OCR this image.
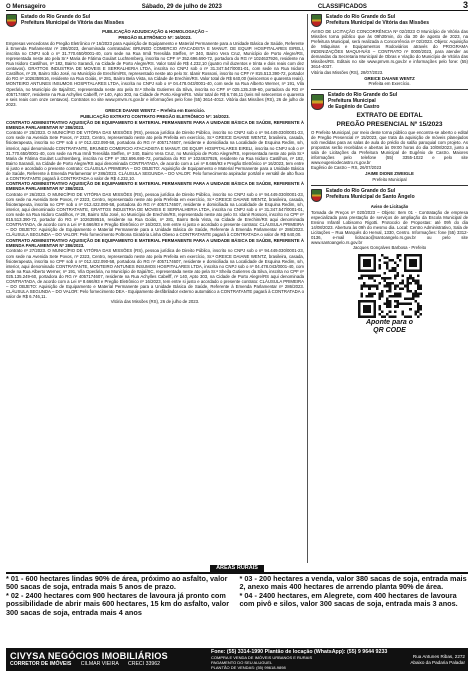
O Mensageiro	Sábado, 29 de julho de 2023	CLASSIFICADOS	3
Estado do Rio Grande do Sul
Prefeitura Municipal de Vitória das Missões
PUBLICAÇÃO ADJUDICAÇÃO & HOMOLOGAÇÃO –
PREGÃO ELETRÔNICO Nº: 16/2023.

Empresas vencedoras do Pregão Eletrônico nº 16/2023 para Aquisição de Equipamento e Material Permanente para a Unidade Básica de Saúde, Referente à Emenda Parlamentar nº 286/2023, denominada contratadas: BRUNED COMERCIO ATACADISTA E MANUT. DE EQUIP. HOSPITALARES EIRELI, inscrita no CNPJ sob o nº 31.770.650/0001-40, com sede na Rua Irmã Teresilda Steffen, nº 340, Bairro Vera Cruz, Município de Porto Alegre/RS, representada neste ato pela Sr.ª Maria de Fátima Goulart Luchtemberg, inscrita no CPF nº 352.696.690-72, portadora do RG nº 1024637926, residente na Rua Isidoro Castilhos, nº 182, Bairro Sarandi, na Cidade de Porto Alegre/RS. Valor total de R$ 4.232,10 (quatro mil duzentos e trinta e dois reais com dez centavos). GRATTOS INDUSTRIA DE MOVEIS E SERRALHERIA LTDA, inscrita no CNPJ sob o nº 31.347.547/0001-01, com sede na Rua Isidoro Castilhos, nº 29, Bairro São José, no Município de Erechim/RS, representado neste ato pelo Sr. Idanir Rossoni, inscrito no CPF nº 815.513.390-72, portador do RG nº 1026359516, residente na Rua Goiás, nº 281, Bairro Bela Vista, na Cidade de Erechim/RS. Valor total de R$ 640,00 (seiscentos e quarenta reais). MONTEIRO ANTUNES INSUMOS HOSPITALARES LTDA, inscrita no CNPJ sob o nº 04.478.043/0001-40, com sede na Rua Alberto Werner, nº 191, Vila Operária, no Município de Itajaí/SC, representada neste ato pela Sr.ª Sheila Gutierres da Silva, inscrita no CPF nº 025.135.249-60, portadora do RG nº 4057174607, residente na Rua Achylles Cabelff, nº 140, Apto 303, na Cidade de Porto Alegre/RS. Valor total de R$ 6.746,11 (seis mil setecentos e quarenta e seis reais com onze centavos). Contratos no site www.pmvm.rs.gov.br e informações pelo fone (55) 3614-4012. Vitória das Missões (RS), 26 de julho de 2023.

GREICE DAIANE WENTZ – Prefeita em Exercício.
PUBLICAÇÃO EXTRATO CONTRATO PREGÃO ELETRÔNICO Nº: 16/2023.

CONTRATO ADMINISTRATIVO AQUISIÇÃO DE EQUIPAMENTO E MATERIAL PERMANENTE PARA A UNIDADE BÁSICA DE SAÚDE, REFERENTE À EMENDA PARLAMENTAR Nº 286/2023.

Contrato nº 25/2023. O MUNICÍPIO DE VITÓRIA DAS MISSÕES (RS), pessoa jurídica de Direito Público, inscrito no CNPJ sob o nº 94.449.030/0001-23, com sede na Avenida Sete Povos, nº 2323, Centro, representado neste ato pela Prefeita em exercício, Sr.ª GREICE DAIANE WENTZ, brasileira, casada, fisioterapeuta, inscrita no CPF sob o nº 012.422.090-58, portadora do RG nº 4057174607, residente e domiciliada na Localidade de Esquina Redim, s/n, interior, aqui denominado CONTRATANTE, BRUNED COMERCIO ATACADISTA E MANUT. DE EQUIP. HOSPITALARES EIRELI, inscrita no CNPJ sob o nº 31.770.650/0001-40, com sede na Rua Irmã Teresilda Steffen, nº 340, Bairro Vera Cruz, no Município de Porto Alegre/RS, representada neste ato pela Sr.ª Maria de Fátima Goulart Luchtemberg, inscrita no CPF nº 352.696.690-72, portadora do RG nº 1024637926, residente na Rua Isidoro Castilhos, nº 182, Bairro Sarandi, na Cidade de Porto Alegre/RS aqui denominada CONTRATADA, de acordo com a Lei nº 8.666/93 e Pregão Eletrônico nº 16/2023, tem entre si justo e acordado o presente contrato: CLÁUSULA PRIMEIRA – DO OBJETO: Aquisição de Equipamento e Material Permanente para a Unidade Básica de Saúde, Referente à Emenda Parlamentar nº 286/2023. CLÁUSULA SEGUNDA – DO VALOR: Pelo fornecimento aspirador portátil e versátil de alto fluxo a CONTRATANTE pagará à CONTRATADA o valor de R$ 4.232,10.

CONTRATO ADMINISTRATIVO AQUISIÇÃO DE EQUIPAMENTO E MATERIAL PERMANENTE PARA A UNIDADE BÁSICA DE SAÚDE, REFERENTE À EMENDA PARLAMENTAR Nº 286/2023.

Contrato nº 26/2023. O MUNICÍPIO DE VITÓRIA DAS MISSÕES (RS), pessoa jurídica de Direito Público, inscrito no CNPJ sob o nº 94.449.030/0001-23, com sede na Avenida Sete Povos, nº 2323, Centro, representado neste ato pela Prefeita em exercício, Sr.ª GREICE DAIANE WENTZ, brasileira, casada, fisioterapeuta, inscrita no CPF sob o nº 012.422.090-58, portadora do RG nº 4057174607, residente e domiciliada na Localidade de Esquina Redim, s/n, interior, aqui denominado CONTRATANTE, GRATTOS INDUSTRIA DE MOVEIS E SERRALHERIA LTDA, inscrita no CNPJ sob o nº 31.347.547/0001-01, com sede na Rua Isidoro Castilhos, nº 29, Bairro São José, no Município de Erechim/RS, representado neste ato pelo Sr. Idanir Rossoni, inscrito no CPF nº 815.513.390-72, portador do RG nº 1026359516, residente na Rua Goiás, nº 281, Bairro Bela Vista, na Cidade de Erechim/RS aqui denominada CONTRATADA, de acordo com a Lei nº 8.666/93 e Pregão Eletrônico nº 16/2023, tem entre si justo e acordado o presente contrato: CLÁUSULA PRIMEIRA – DO OBJETO: Aquisição de Equipamento e Material Permanente para a Unidade Básica de Saúde, Referente à Emenda Parlamentar nº 286/2023. CLÁUSULA SEGUNDA – DO VALOR: Pelo fornecimento Poltrona Giratória Linha Obeso a CONTRATANTE pagará à CONTRATADA o valor de R$ 640,00.

CONTRATO ADMINISTRATIVO AQUISIÇÃO DE EQUIPAMENTO E MATERIAL PERMANENTE PARA A UNIDADE BÁSICA DE SAÚDE, REFERENTE À EMENDA PARLAMENTAR Nº 286/2023.

Contrato nº 27/2023. O MUNICÍPIO DE VITÓRIA DAS MISSÕES (RS), pessoa jurídica de Direito Público, inscrito no CNPJ sob o nº 94.449.030/0001-23, com sede na Avenida Sete Povos, nº 2323, Centro, representado neste ato pela Prefeita em exercício, Sr.ª GREICE DAIANE WENTZ, brasileira, casada, fisioterapeuta, inscrita no CPF sob o nº 012.422.090-58, portadora do RG nº 4057174607, residente e domiciliada na Localidade de Esquina Redim, s/n, interior, aqui denominado CONTRATANTE, MONTEIRO ANTUNES INSUMOS HOSPITALARES LTDA, inscrita no CNPJ sob o nº 04.478.043/0001-40, com sede na Rua Alberto Werner, nº 191, Vila Operária, no Município de Itajaí/SC, representada neste ato pela Sr.ª Sheila Gutierres da Silva, inscrita no CPF nº 025.135.249-60, portadora do RG nº 4057174607, residente na Rua Achylles Cabelff, nº 140, Apto 303, na Cidade de Porto Alegre/RS aqui denominada CONTRATADA, de acordo com a Lei nº 8.666/93 e Pregão Eletrônico nº 16/2023, tem entre si justo e acordado o presente contrato: CLÁUSULA PRIMEIRA – DO OBJETO: Aquisição de Equipamento e Material Permanente para a Unidade Básica de Saúde, Referente à Emenda Parlamentar nº 286/2023. CLÁUSULA SEGUNDA – DO VALOR: Pelo fornecimento DEA - Equipamento desfibrilador externo automático a CONTRATANTE pagará à CONTRATADA o valor de R$ 6.746,11.

Vitória das Missões (RS), 26 de julho de 2023.

Estado do Rio Grande do Sul
Prefeitura Municipal de Vitória das Missões

AVISO DE LICITAÇÃO CONCORRÊNCIA Nº 02/2023 O Município de Vitória das Missões torna público que às 09h30min, do dia 30 de agosto de 2023, na Prefeitura Municipal, será realizada a Concorrência nº 02/2023. Objeto: Aquisição de Máquinas e Equipamentos Rodoviários através do PROGRAMA INDENIZAÇÕES MAQUI-NÁS – CONTRATO nº 0000/2023, para atender as demandas da Secretaria Municipal de Obras e Viação do Município de Vitória das Missões/RS. Editais no site www.pmvm.rs.gov.br e informações pelo fone: (55) 3614-4037.

Vitória das Missões (RS), 28/07/2023.

GREICE DAIANE WENTZ
Prefeita em Exercício.
Estado do Rio Grande do Sul
Prefeitura Municipal
de Eugênio de Castro
EXTRATO DE EDITAL
PREGÃO PRESENCIAL Nº 15/2023

O Prefeito Municipal, por meio deste torna público que encontra-se aberto o edital de Pregão Presencial nº 15/2023, que trata da aquisição de móveis planejados sob medidas para as salas de aula do prédio do salão paroquial com projeto. As propostas serão recebidas e abertas às 09:00 horas do dia 10/08/2023, junto a sala de Licitações da Prefeitura Municipal de Eugênio de Castro. Maiores informações pelo telefone (55) 3355-1022 e pelo site www.eugeniodecastro.rs.gov.br

Eugênio de Castro – RS, 26/07/2023

JAIME DIONE ZWEIGLE
Prefeito Municipal
Estado do Rio Grande do Sul
Prefeitura Municipal de Santo Ângelo
Aviso de Licitação

Tomada de Preços nº 020/2023 – Objeto: Item 01 - Contratação de empresa especializada para prestação de serviços de ampliação da Escola Municipal de Ensino Infantil Lobisomo Rigotti. Protocolo de Propostas: até 09h do dia 14/08/2023. Abertura às 09h do mesmo dia. Local: Centro Administrativo, Sala de Licitações – Rua Marquês do Herval, 1330, Centro. Informações: fone (55) 3312-0136, e-mail licitacao@santoangelo.rs.gov.br ou pelo site www.santoangelo.rs.gov.br

Jacques Gonçalves Barbosa - Prefeito
Aponte para o
QR CODE
ÁREAS RURAIS
* 01 - 600 hectares lindas 90% de área, próximo ao asfalto, valor 500 sacas de soja, entrada mais 5 anos de prazo.
* 02 - 2400 hectares com 900 hectares de lavoura já pronto com possibilidade de abrir mais 600 hectares, 15 km do asfalto, valor 300 sacas de soja, entrada mais 4 anos
* 03 - 200 hectares a venda, valor 380 sacas de soja, entrada mais 2, anexo mais 400 hectares de arrendo planta 90% de área.
* 04 - 2400 hectares, em Alegrete, com 400 hectares de lavoura com pivô e silos, valor 300 sacas de soja, entrada mais 3 anos.
CIVYSA NEGÓCIOS IMOBILIÁRIOS
CORRETOR DE IMÓVEIS CILMAR VIEIRA CRECI 33962
Fone: (55) 3314-1990 Plantão de locação (WhatsApp): (55) 9 9644 9233
COMPRA E VENDA DE IMÓVEIS URBANOS E RURAIS
PAGAMENTO DO SEU ALUGUEL
PLANTÃO DE VENDAS: (55) 99618-9898
Rua Antunes Ribas, 2272
Abaixo da Padaria Paladar
